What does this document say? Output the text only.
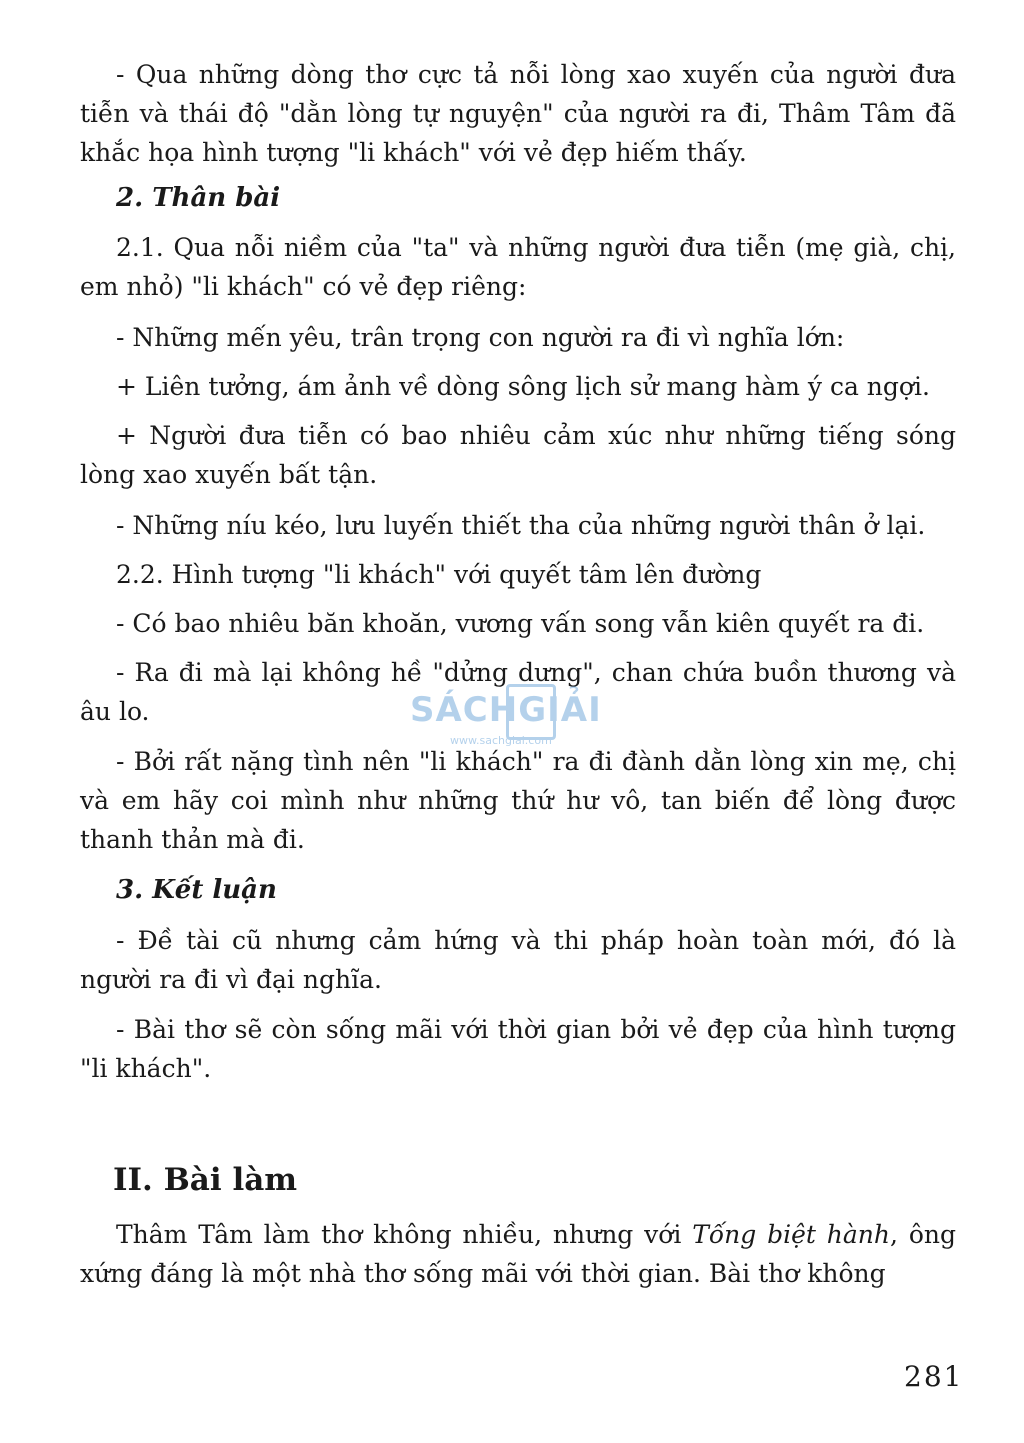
- Qua những dòng thơ cực tả nỗi lòng xao xuyến của người đưa tiễn và thái độ "dằn lòng tự nguyện" của người ra đi, Thâm Tâm đã khắc họa hình tượng "li khách" với vẻ đẹp hiếm thấy.

2. Thân bài

2.1. Qua nỗi niềm của "ta" và những người đưa tiễn (mẹ già, chị, em nhỏ) "li khách" có vẻ đẹp riêng:

- Những mến yêu, trân trọng con người ra đi vì nghĩa lớn:

+ Liên tưởng, ám ảnh về dòng sông lịch sử mang hàm ý ca ngợi.

+ Người đưa tiễn có bao nhiêu cảm xúc như những tiếng sóng lòng xao xuyến bất tận.

- Những níu kéo, lưu luyến thiết tha của những người thân ở lại.

2.2. Hình tượng "li khách" với quyết tâm lên đường

- Có bao nhiêu băn khoăn, vương vấn song vẫn kiên quyết ra đi.

- Ra đi mà lại không hề "dửng dưng", chan chứa buồn thương và âu lo.

- Bởi rất nặng tình nên "li khách" ra đi đành dằn lòng xin mẹ, chị và em hãy coi mình như những thứ hư vô, tan biến để lòng được thanh thản mà đi.

3. Kết luận

- Đề tài cũ nhưng cảm hứng và thi pháp hoàn toàn mới, đó là người ra đi vì đại nghĩa.

- Bài thơ sẽ còn sống mãi với thời gian bởi vẻ đẹp của hình tượng "li khách".

II. Bài làm

Thâm Tâm làm thơ không nhiều, nhưng với Tống biệt hành, ông xứng đáng là một nhà thơ sống mãi với thời gian. Bài thơ không

SÁCHGIẢI
www.sachgiai.com
281
